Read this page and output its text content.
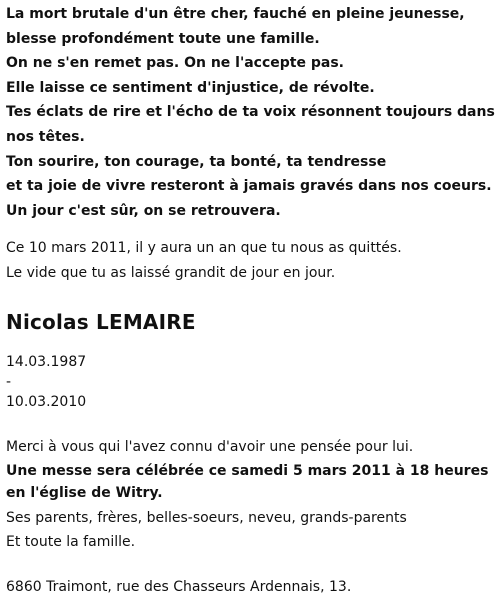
La mort brutale d'un être cher, fauché en pleine jeunesse,

blesse profondément toute une famille.

On ne s'en remet pas. On ne l'accepte pas.

Elle laisse ce sentiment d'injustice, de révolte.

Tes éclats de rire et l'écho de ta voix résonnent toujours dans nos têtes.

Ton sourire, ton courage, ta bonté, ta tendresse

et ta joie de vivre resteront à jamais gravés dans nos coeurs.

Un jour c'est sûr, on se retrouvera.

Ce 10 mars 2011, il y aura un an que tu nous as quittés.

Le vide que tu as laissé grandit de jour en jour.

Nicolas LEMAIRE
14.03.1987
-
10.03.2010

Merci à vous qui l'avez connu d'avoir une pensée pour lui.

Une messe sera célébrée ce samedi 5 mars 2011 à 18 heures en l'église de Witry.

Ses parents, frères, belles-soeurs, neveu, grands-parents

Et toute la famille.

6860 Traimont, rue des Chasseurs Ardennais, 13.
